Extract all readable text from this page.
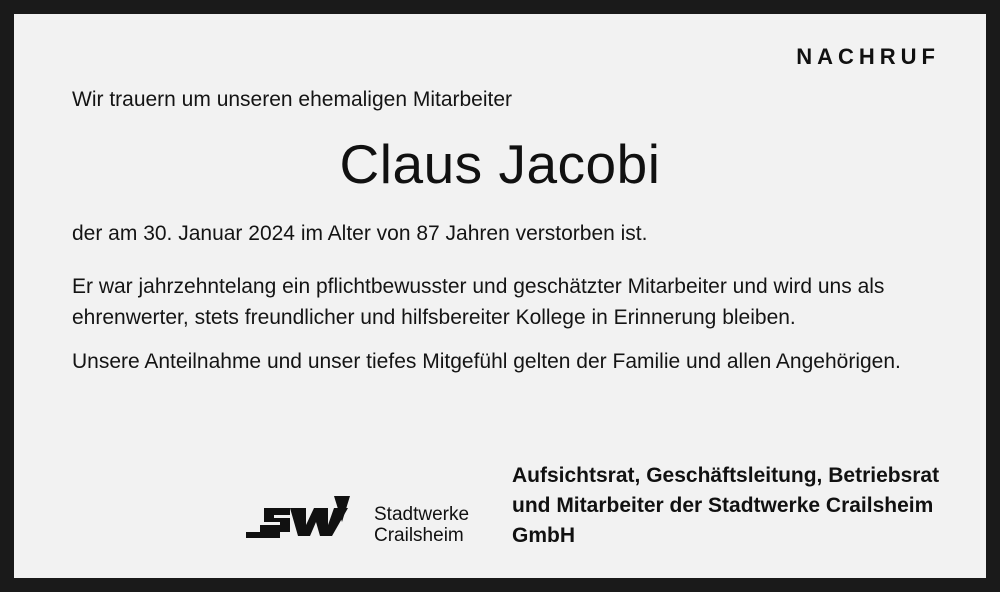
NACHRUF
Wir trauern um unseren ehemaligen Mitarbeiter
Claus Jacobi
der am 30. Januar 2024 im Alter von 87 Jahren verstorben ist.
Er war jahrzehntelang ein pflichtbewusster und geschätzter Mitarbeiter und wird uns als ehrenwerter, stets freundlicher und hilfsbereiter Kollege in Erinnerung bleiben.
Unsere Anteilnahme und unser tiefes Mitgefühl gelten der Familie und allen Angehörigen.
Aufsichtsrat, Geschäftsleitung, Betriebsrat und Mitarbeiter der Stadtwerke Crailsheim GmbH
Stadtwerke
Crailsheim
